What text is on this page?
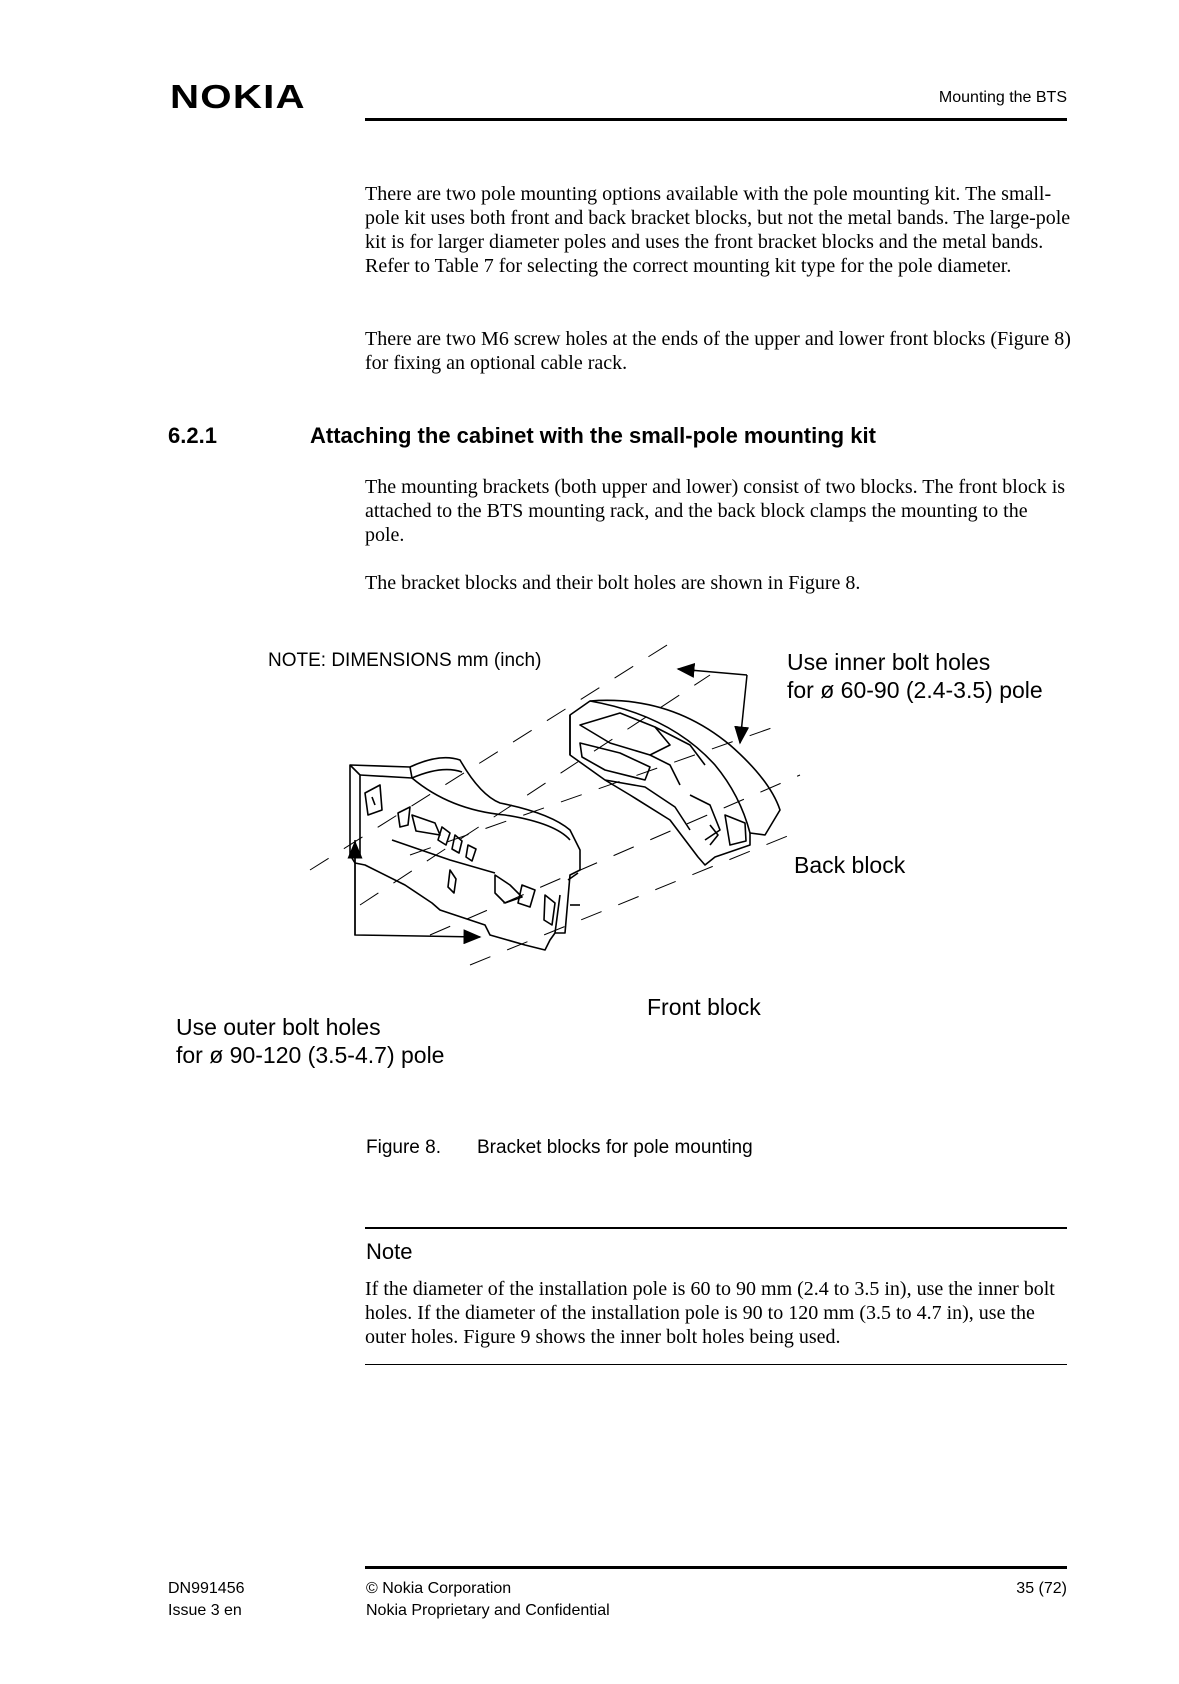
NOKIA	Mounting the BTS
There are two pole mounting options available with the pole mounting kit. The small-pole kit uses both front and back bracket blocks, but not the metal bands. The large-pole kit is for larger diameter poles and uses the front bracket blocks and the metal bands. Refer to Table 7 for selecting the correct mounting kit type for the pole diameter.
There are two M6 screw holes at the ends of the upper and lower front blocks (Figure 8) for fixing an optional cable rack.
6.2.1	Attaching the cabinet with the small-pole mounting kit
The mounting brackets (both upper and lower) consist of two blocks. The front block is attached to the BTS mounting rack, and the back block clamps the mounting to the pole.
The bracket blocks and their bolt holes are shown in Figure 8.
NOTE: DIMENSIONS mm (inch)	Use inner bolt holes
for ø 60-90 (2.4-3.5) pole
Back block
Front block
Use outer bolt holes
for ø 90-120 (3.5-4.7) pole
Figure 8. Bracket blocks for pole mounting
Note
If the diameter of the installation pole is 60 to 90 mm (2.4 to 3.5 in), use the inner bolt holes. If the diameter of the installation pole is 90 to 120 mm (3.5 to 4.7 in), use the outer holes. Figure 9 shows the inner bolt holes being used.
DN991456
Issue 3 en
© Nokia Corporation
Nokia Proprietary and Confidential
35 (72)
